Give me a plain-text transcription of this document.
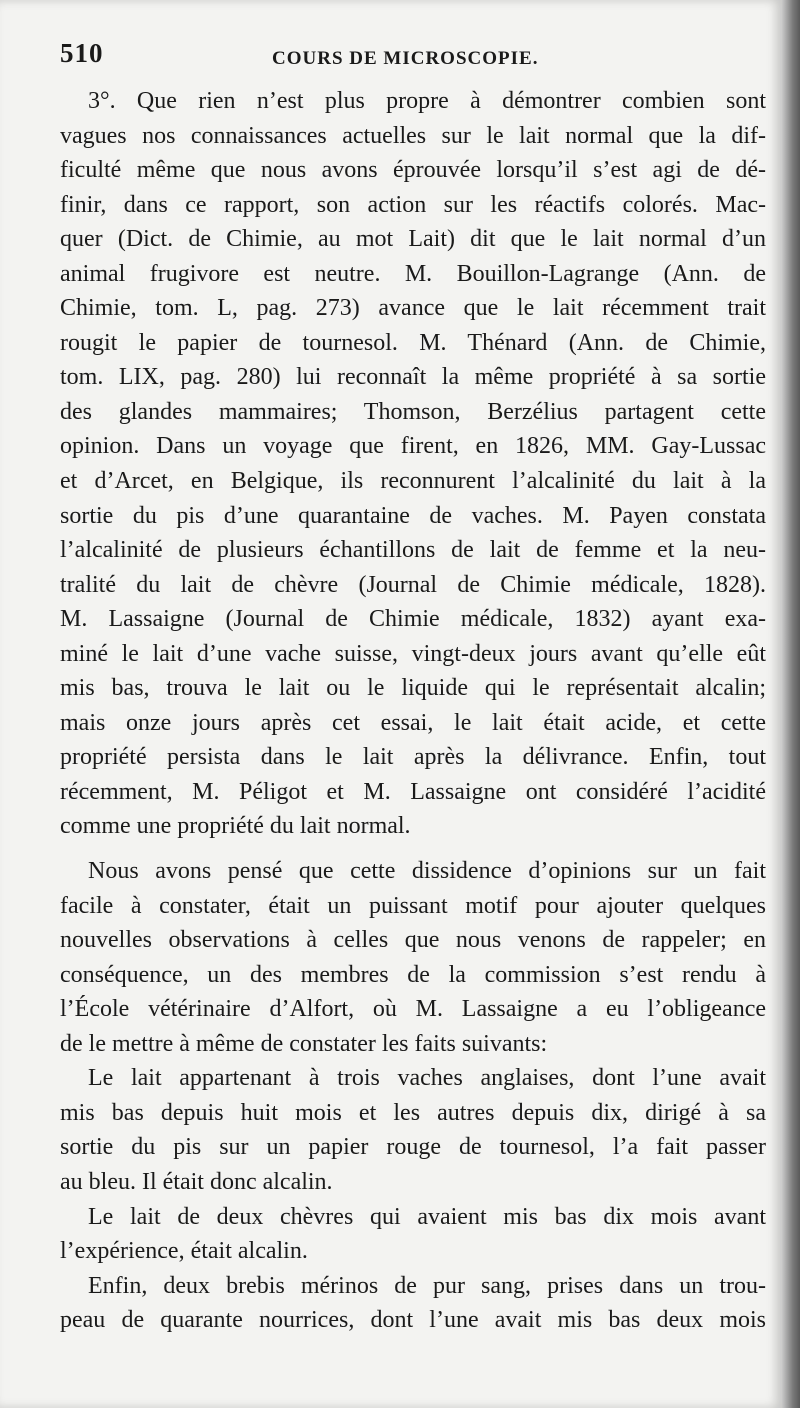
510	COURS DE MICROSCOPIE.
3°. Que rien n’est plus propre à démontrer combien sont
vagues nos connaissances actuelles sur le lait normal que la dif-
ficulté même que nous avons éprouvée lorsqu’il s’est agi de dé-
finir, dans ce rapport, son action sur les réactifs colorés. Mac-
quer (Dict. de Chimie, au mot Lait) dit que le lait normal d’un
animal frugivore est neutre. M. Bouillon-Lagrange (Ann. de
Chimie, tom. L, pag. 273) avance que le lait récemment trait
rougit le papier de tournesol. M. Thénard (Ann. de Chimie,
tom. LIX, pag. 280) lui reconnaît la même propriété à sa sortie
des glandes mammaires; Thomson, Berzélius partagent cette
opinion. Dans un voyage que firent, en 1826, MM. Gay-Lussac
et d’Arcet, en Belgique, ils reconnurent l’alcalinité du lait à la
sortie du pis d’une quarantaine de vaches. M. Payen constata
l’alcalinité de plusieurs échantillons de lait de femme et la neu-
tralité du lait de chèvre (Journal de Chimie médicale, 1828).
M. Lassaigne (Journal de Chimie médicale, 1832) ayant exa-
miné le lait d’une vache suisse, vingt-deux jours avant qu’elle eût
mis bas, trouva le lait ou le liquide qui le représentait alcalin;
mais onze jours après cet essai, le lait était acide, et cette
propriété persista dans le lait après la délivrance. Enfin, tout
récemment, M. Péligot et M. Lassaigne ont considéré l’acidité
comme une propriété du lait normal.
Nous avons pensé que cette dissidence d’opinions sur un fait
facile à constater, était un puissant motif pour ajouter quelques
nouvelles observations à celles que nous venons de rappeler; en
conséquence, un des membres de la commission s’est rendu à
l’École vétérinaire d’Alfort, où M. Lassaigne a eu l’obligeance
de le mettre à même de constater les faits suivants:
Le lait appartenant à trois vaches anglaises, dont l’une avait
mis bas depuis huit mois et les autres depuis dix, dirigé à sa
sortie du pis sur un papier rouge de tournesol, l’a fait passer
au bleu. Il était donc alcalin.
Le lait de deux chèvres qui avaient mis bas dix mois avant
l’expérience, était alcalin.
Enfin, deux brebis mérinos de pur sang, prises dans un trou-
peau de quarante nourrices, dont l’une avait mis bas deux mois
